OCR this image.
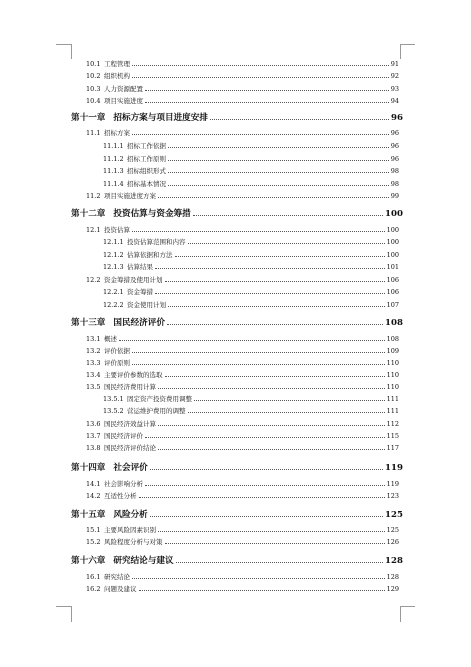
10.1 工程管理	91
10.2 组织机构	92
10.3 人力资源配置	93
10.4 项目实施进度	94
第十一章 招标方案与项目进度安排	96
11.1 招标方案	96
11.1.1 招标工作依据	96
11.1.2 招标工作原则	96
11.1.3 招标组织形式	98
11.1.4 招标基本情况	98
11.2 项目实施进度方案	99
第十二章 投资估算与资金筹措	100
12.1 投资估算	100
12.1.1 投资估算范围和内容	100
12.1.2 估算依据和方法	100
12.1.3 估算结果	101
12.2 资金筹措及使用计划	106
12.2.1 资金筹措	106
12.2.2 资金使用计划	107
第十三章 国民经济评价	108
13.1 概述	108
13.2 评价依据	109
13.3 评价原则	110
13.4 主要评价参数的选取	110
13.5 国民经济费用计算	110
13.5.1 固定资产投资费用调整	111
13.5.2 营运维护费用的调整	111
13.6 国民经济效益计算	112
13.7 国民经济评价	115
13.8 国民经济评价结论	117
第十四章 社会评价	119
14.1 社会影响分析	119
14.2 互适性分析	123
第十五章 风险分析	125
15.1 主要风险因素识别	125
15.2 风险程度分析与对策	126
第十六章 研究结论与建议	128
16.1 研究结论	128
16.2 问题及建议	129
